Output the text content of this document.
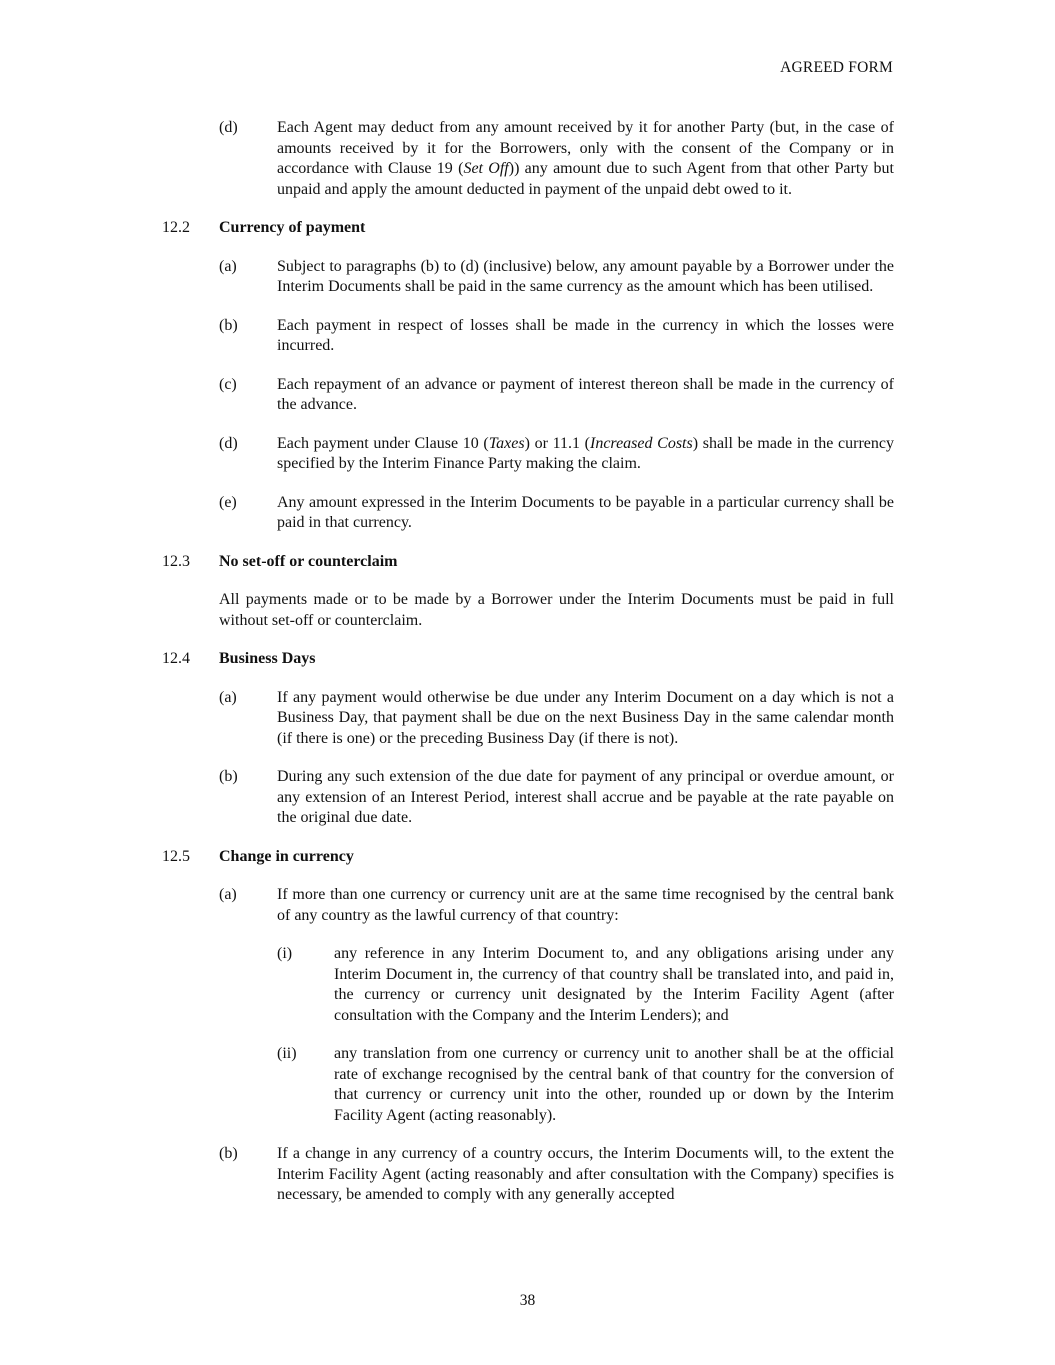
AGREED FORM
(d) Each Agent may deduct from any amount received by it for another Party (but, in the case of amounts received by it for the Borrowers, only with the consent of the Company or in accordance with Clause 19 (Set Off)) any amount due to such Agent from that other Party but unpaid and apply the amount deducted in payment of the unpaid debt owed to it.
12.2 Currency of payment
(a)	Subject to paragraphs (b) to (d) (inclusive) below, any amount payable by a Borrower under the Interim Documents shall be paid in the same currency as the amount which has been utilised.
(b) Each payment in respect of losses shall be made in the currency in which the losses were incurred.
(c)	Each repayment of an advance or payment of interest thereon shall be made in the currency of the advance.
(d) Each payment under Clause 10 (Taxes) or 11.1 (Increased Costs) shall be made in the currency specified by the Interim Finance Party making the claim.
(e)	Any amount expressed in the Interim Documents to be payable in a particular currency shall be paid in that currency.
12.3 No set-off or counterclaim
All payments made or to be made by a Borrower under the Interim Documents must be paid in full without set-off or counterclaim.
12.4 Business Days
(a)	If any payment would otherwise be due under any Interim Document on a day which is not a Business Day, that payment shall be due on the next Business Day in the same calendar month (if there is one) or the preceding Business Day (if there is not).
(b) During any such extension of the due date for payment of any principal or overdue amount, or any extension of an Interest Period, interest shall accrue and be payable at the rate payable on the original due date.
12.5 Change in currency
(a)	If more than one currency or currency unit are at the same time recognised by the central bank of any country as the lawful currency of that country:
(i)	any reference in any Interim Document to, and any obligations arising under any Interim Document in, the currency of that country shall be translated into, and paid in, the currency or currency unit designated by the Interim Facility Agent (after consultation with the Company and the Interim Lenders); and
(ii) any translation from one currency or currency unit to another shall be at the official rate of exchange recognised by the central bank of that country for the conversion of that currency or currency unit into the other, rounded up or down by the Interim Facility Agent (acting reasonably).
(b) If a change in any currency of a country occurs, the Interim Documents will, to the extent the Interim Facility Agent (acting reasonably and after consultation with the Company) specifies is necessary, be amended to comply with any generally accepted
38
